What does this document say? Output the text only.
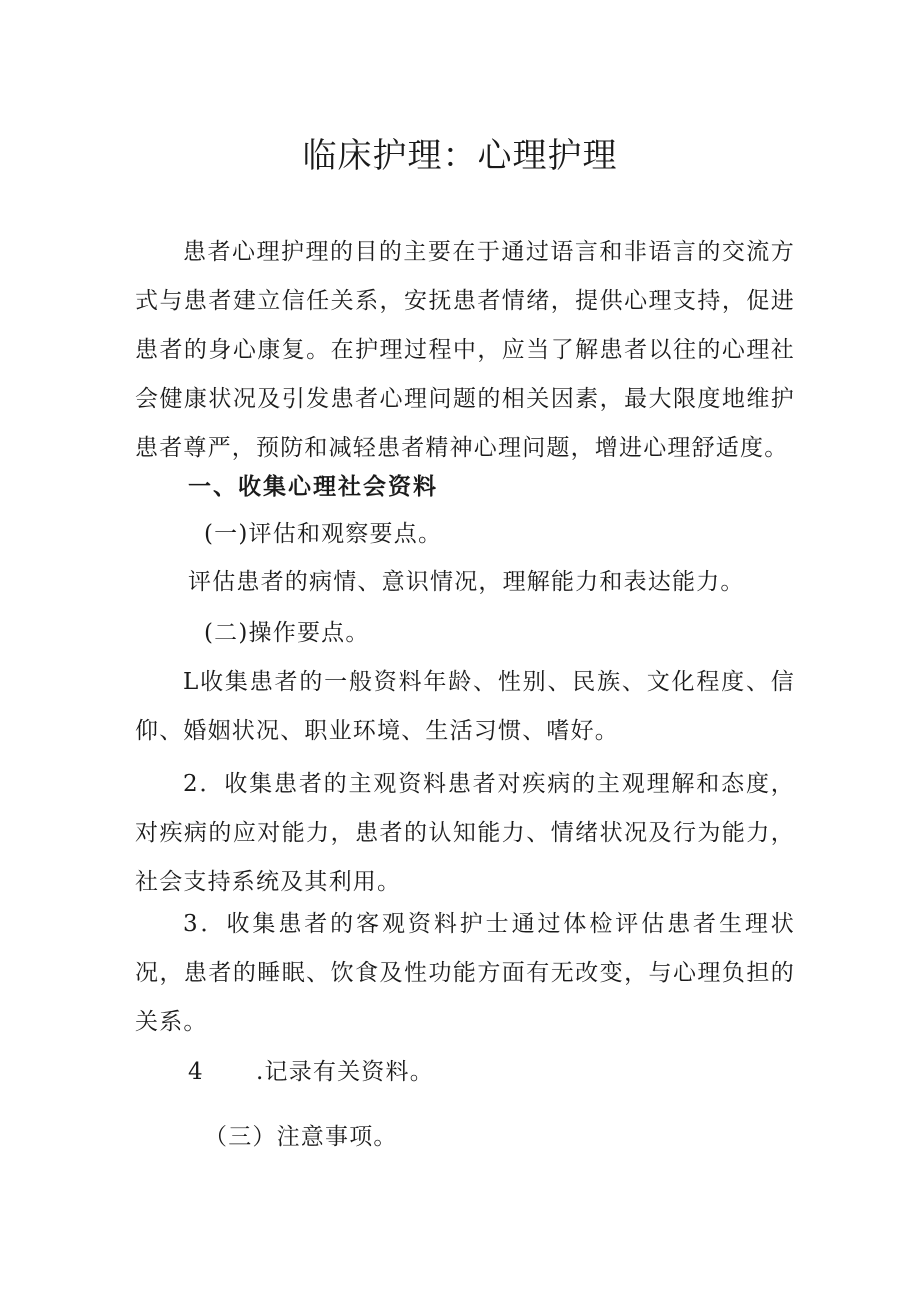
临床护理：心理护理

患者心理护理的目的主要在于通过语言和非语言的交流方式与患者建立信任关系，安抚患者情绪，提供心理支持，促进患者的身心康复。在护理过程中，应当了解患者以往的心理社会健康状况及引发患者心理问题的相关因素，最大限度地维护患者尊严，预防和减轻患者精神心理问题，增进心理舒适度。

一、收集心理社会资料

(一)评估和观察要点。

评估患者的病情、意识情况，理解能力和表达能力。

(二)操作要点。

L收集患者的一般资料年龄、性别、民族、文化程度、信仰、婚姻状况、职业环境、生活习惯、嗜好。

2．收集患者的主观资料患者对疾病的主观理解和态度，对疾病的应对能力，患者的认知能力、情绪状况及行为能力，社会支持系统及其利用。

3．收集患者的客观资料护士通过体检评估患者生理状况，患者的睡眠、饮食及性功能方面有无改变，与心理负担的关系。

4 .记录有关资料。

（三）注意事项。
